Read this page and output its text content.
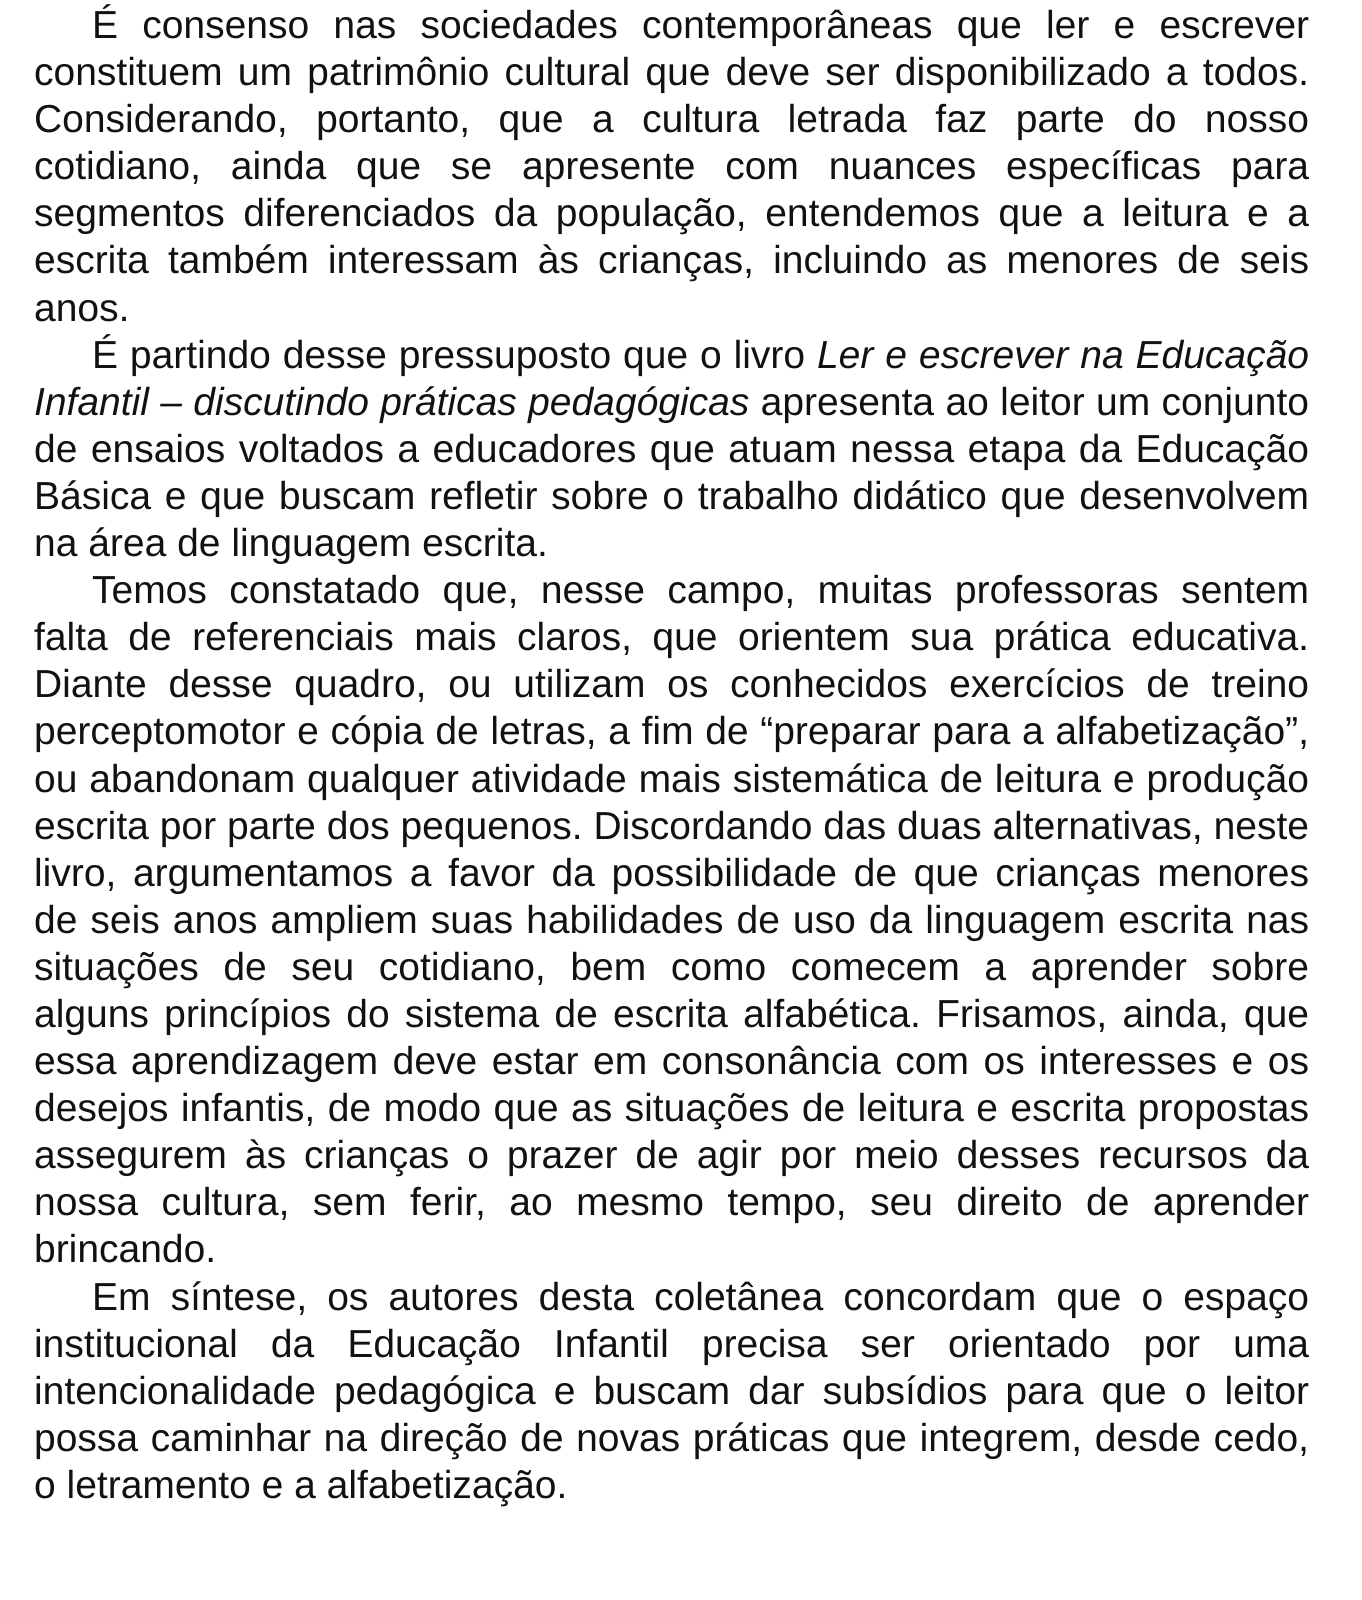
É consenso nas sociedades contemporâneas que ler e escrever constituem um patrimônio cultural que deve ser disponibilizado a todos. Considerando, portanto, que a cultura letrada faz parte do nosso cotidiano, ainda que se apresente com nuances específicas para segmentos diferenciados da população, entendemos que a leitura e a escrita também interessam às crianças, incluindo as menores de seis anos.

É partindo desse pressuposto que o livro Ler e escrever na Educação Infantil – discutindo práticas pedagógicas apresenta ao leitor um conjunto de ensaios voltados a educadores que atuam nessa etapa da Educação Básica e que buscam refletir sobre o trabalho didático que desenvolvem na área de linguagem escrita.

Temos constatado que, nesse campo, muitas professoras sentem falta de referenciais mais claros, que orientem sua prática educativa. Diante desse quadro, ou utilizam os conhecidos exercícios de treino perceptomotor e cópia de letras, a fim de “preparar para a alfabetização”, ou abandonam qualquer atividade mais sistemática de leitura e produção escrita por parte dos pequenos. Discordando das duas alternativas, neste livro, argumentamos a favor da possibilidade de que crianças menores de seis anos ampliem suas habilidades de uso da linguagem escrita nas situações de seu cotidiano, bem como comecem a aprender sobre alguns princípios do sistema de escrita alfabética. Frisamos, ainda, que essa aprendizagem deve estar em consonância com os interesses e os desejos infantis, de modo que as situações de leitura e escrita propostas assegurem às crianças o prazer de agir por meio desses recursos da nossa cultura, sem ferir, ao mesmo tempo, seu direito de aprender brincando.

Em síntese, os autores desta coletânea concordam que o espaço institucional da Educação Infantil precisa ser orientado por uma intencionalidade pedagógica e buscam dar subsídios para que o leitor possa caminhar na direção de novas práticas que integrem, desde cedo, o letramento e a alfabetização.
